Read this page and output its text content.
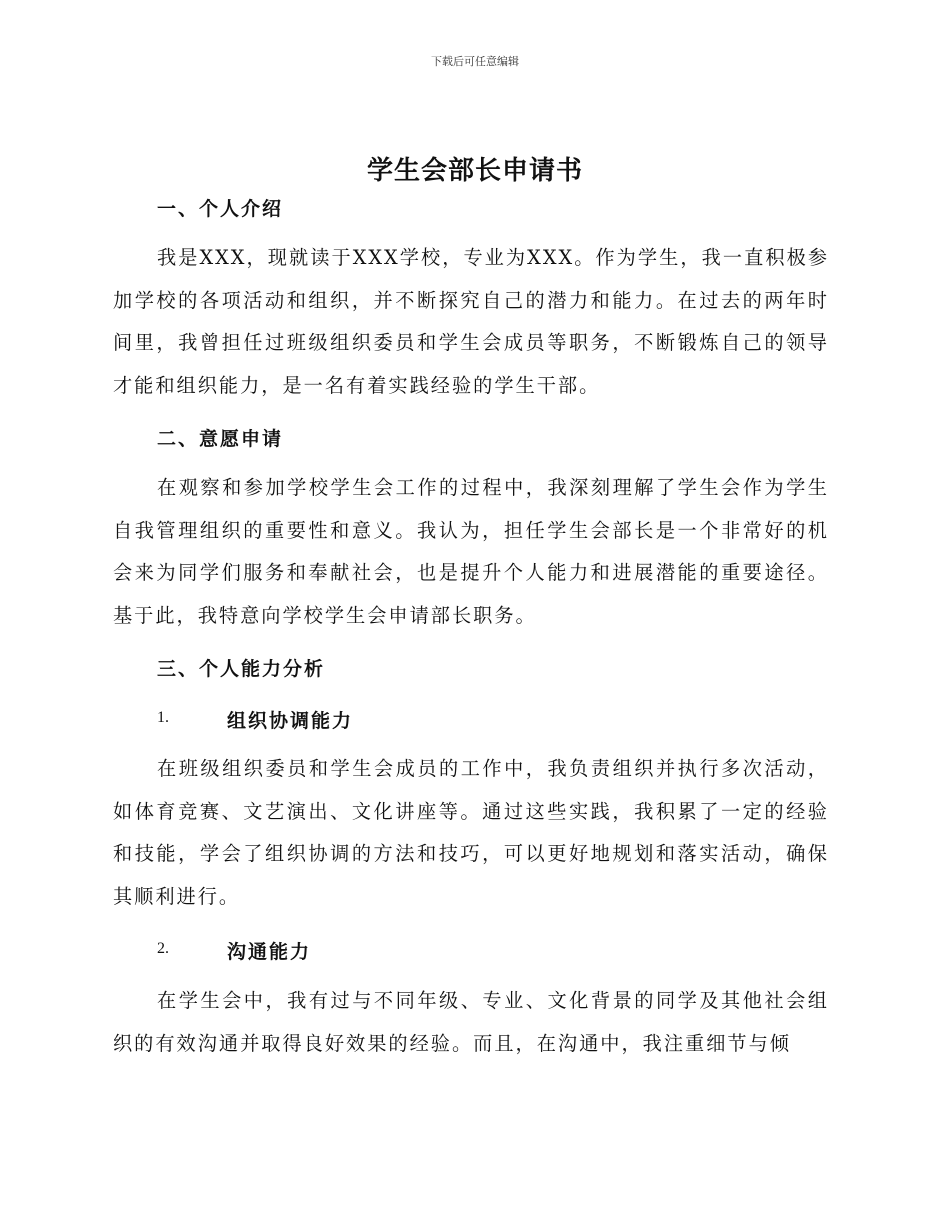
下载后可任意编辑
学生会部长申请书
一、个人介绍
我是XXX，现就读于XXX学校，专业为XXX。作为学生，我一直积极参加学校的各项活动和组织，并不断探究自己的潜力和能力。在过去的两年时间里，我曾担任过班级组织委员和学生会成员等职务，不断锻炼自己的领导才能和组织能力，是一名有着实践经验的学生干部。
二、意愿申请
在观察和参加学校学生会工作的过程中，我深刻理解了学生会作为学生自我管理组织的重要性和意义。我认为，担任学生会部长是一个非常好的机会来为同学们服务和奉献社会，也是提升个人能力和进展潜能的重要途径。基于此，我特意向学校学生会申请部长职务。
三、个人能力分析
1.	组织协调能力
在班级组织委员和学生会成员的工作中，我负责组织并执行多次活动，如体育竞赛、文艺演出、文化讲座等。通过这些实践，我积累了一定的经验和技能，学会了组织协调的方法和技巧，可以更好地规划和落实活动，确保其顺利进行。
2.	沟通能力
在学生会中，我有过与不同年级、专业、文化背景的同学及其他社会组织的有效沟通并取得良好效果的经验。而且，在沟通中，我注重细节与倾
